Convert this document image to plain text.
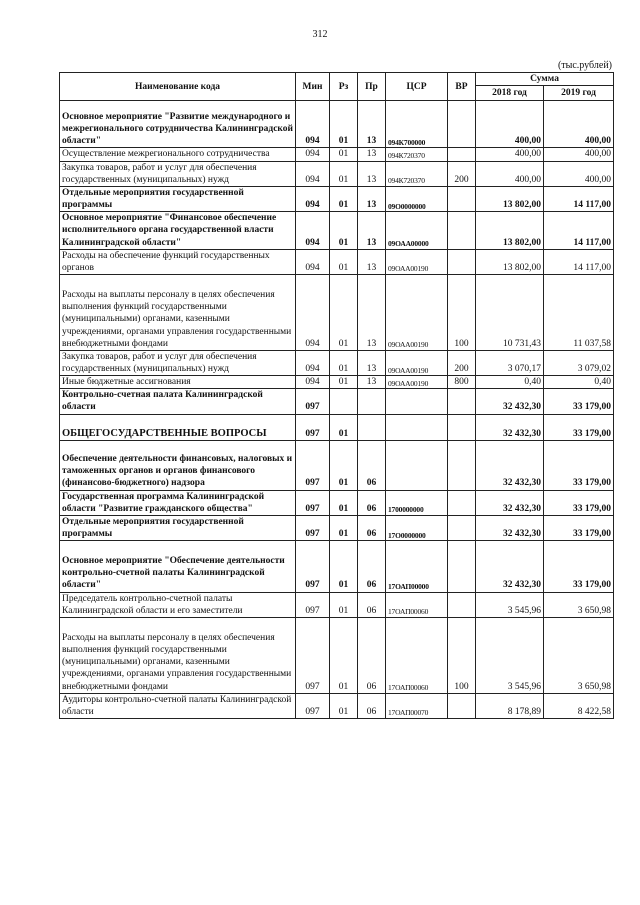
312
(тыс.рублей)
Наименование кода	Мин	Рз	Пр	ЦСР	ВР	Сумма	
						2018 год	2019 год
Основное мероприятие "Развитие международного и межрегионального сотрудничества Калининградской области"	094	01	13	094К700000		400,00	400,00
Осуществление межрегионального сотрудничества	094	01	13	094К720370		400,00	400,00
Закупка товаров, работ и услуг для обеспечения государственных (муниципальных) нужд	094	01	13	094К720370	200	400,00	400,00
Отдельные мероприятия государственной программы	094	01	13	09О0000000		13 802,00	14 117,00
Основное мероприятие "Финансовое обеспечение исполнительного органа государственной власти Калининградской области"	094	01	13	09ОАА00000		13 802,00	14 117,00
Расходы на обеспечение функций государственных органов	094	01	13	09ОАА00190		13 802,00	14 117,00
Расходы на выплаты персоналу в целях обеспечения выполнения функций государственными (муниципальными) органами, казенными учреждениями, органами управления государственными внебюджетными фондами	094	01	13	09ОАА00190	100	10 731,43	11 037,58
Закупка товаров, работ и услуг для обеспечения государственных (муниципальных) нужд	094	01	13	09ОАА00190	200	3 070,17	3 079,02
Иные бюджетные ассигнования	094	01	13	09ОАА00190	800	0,40	0,40
Контрольно-счетная палата Калининградской области	097					32 432,30	33 179,00
ОБЩЕГОСУДАРСТВЕННЫЕ ВОПРОСЫ	097	01				32 432,30	33 179,00
Обеспечение деятельности финансовых, налоговых и таможенных органов и органов финансового (финансово-бюджетного) надзора	097	01	06			32 432,30	33 179,00
Государственная программа Калининградской области "Развитие гражданского общества"	097	01	06	1700000000		32 432,30	33 179,00
Отдельные мероприятия государственной программы	097	01	06	17О0000000		32 432,30	33 179,00
Основное мероприятие "Обеспечение деятельности контрольно-счетной палаты Калининградской области"	097	01	06	17ОАП00000		32 432,30	33 179,00
Председатель контрольно-счетной палаты Калининградской области и его заместители	097	01	06	17ОАП00060		3 545,96	3 650,98
Расходы на выплаты персоналу в целях обеспечения выполнения функций государственными (муниципальными) органами, казенными учреждениями, органами управления государственными внебюджетными фондами	097	01	06	17ОАП00060	100	3 545,96	3 650,98
Аудиторы контрольно-счетной палаты Калининградской области	097	01	06	17ОАП00070		8 178,89	8 422,58
